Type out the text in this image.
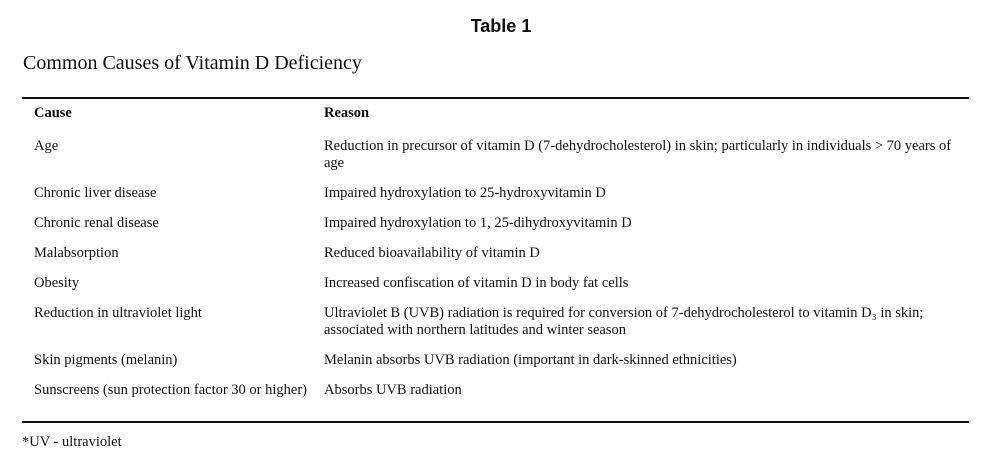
Table 1
Common Causes of Vitamin D Deficiency
Cause	Reason
Age	Reduction in precursor of vitamin D (7-dehydrocholesterol) in skin; particularly in individuals > 70 years of age
Chronic liver disease	Impaired hydroxylation to 25-hydroxyvitamin D
Chronic renal disease	Impaired hydroxylation to 1, 25-dihydroxyvitamin D
Malabsorption	Reduced bioavailability of vitamin D
Obesity	Increased confiscation of vitamin D in body fat cells
Reduction in ultraviolet light	Ultraviolet B (UVB) radiation is required for conversion of 7-dehydrocholesterol to vitamin D₃ in skin; associated with northern latitudes and winter season
Skin pigments (melanin)	Melanin absorbs UVB radiation (important in dark-skinned ethnicities)
Sunscreens (sun protection factor 30 or higher)	Absorbs UVB radiation
*UV - ultraviolet
